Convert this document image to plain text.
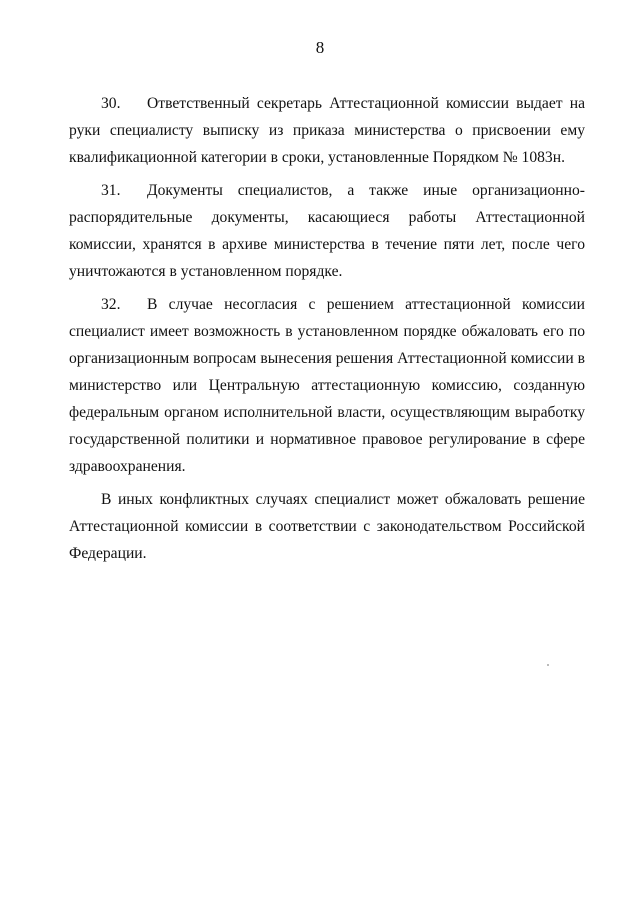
8

30. Ответственный секретарь Аттестационной комиссии выдает на руки специалисту выписку из приказа министерства о присвоении ему квалификационной категории в сроки, установленные Порядком № 1083н.

31. Документы специалистов, а также иные организационно-распорядительные документы, касающиеся работы Аттестационной комиссии, хранятся в архиве министерства в течение пяти лет, после чего уничтожаются в установленном порядке.

32. В случае несогласия с решением аттестационной комиссии специалист имеет возможность в установленном порядке обжаловать его по организационным вопросам вынесения решения Аттестационной комиссии в министерство или Центральную аттестационную комиссию, созданную федеральным органом исполнительной власти, осуществляющим выработку государственной политики и нормативное правовое регулирование в сфере здравоохранения.

В иных конфликтных случаях специалист может обжаловать решение Аттестационной комиссии в соответствии с законодательством Российской Федерации.
